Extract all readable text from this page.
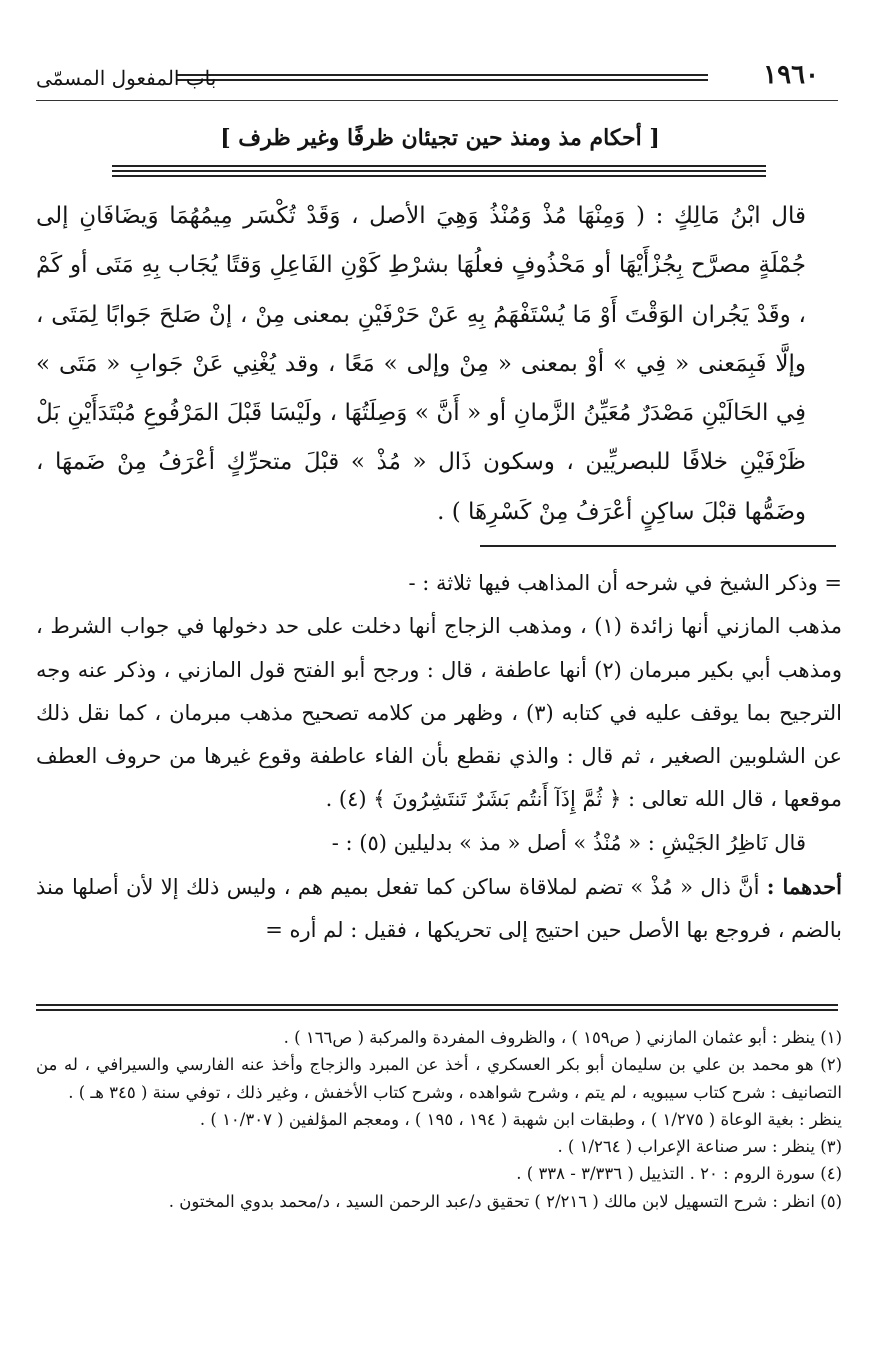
١٩٦٠
باب المفعول المسمّى
[ أحكام مذ ومنذ حين تجيئان ظرفًا وغير ظرف ]

قال ابْنُ مَالِكٍ : ( وَمِنْهَا مُذْ وَمُنْذُ وَهِيَ الأصل ، وَقَدْ تُكْسَر مِيمُهُمَا وَيضَافَانِ إلى جُمْلَةٍ مصرَّح بِجُزْأَيْهَا أو مَحْذُوفٍ فعلُهَا بشرْطِ كَوْنِ الفَاعِلِ وَقتًا يُجَاب بِهِ مَتَى أو كَمْ ، وقَدْ يَجُران الوَقْتَ أَوْ مَا يُسْتَفْهَمُ بِهِ عَنْ حَرْفَيْنِ بمعنى مِنْ ، إنْ صَلحَ جَوابًا لِمَتَى ، وإلَّا فَبِمَعنى « فِي » أوْ بمعنى « مِنْ وإلى » مَعًا ، وقد يُغْنِي عَنْ جَوابِ « مَتَى » فِي الحَالَيْنِ مَصْدَرٌ مُعَيِّنُ الزَّمانِ أو « أَنَّ » وَصِلَتُهَا ، ولَيْسَا قَبْلَ المَرْفُوعِ مُبْتَدَأَيْنِ بَلْ ظَرْفَيْنِ خلافًا للبصريِّين ، وسكون ذَال « مُذْ » قبْلَ متحرِّكٍ أعْرَفُ مِنْ ضَمهَا ، وضَمُّها قبْلَ ساكِنٍ أعْرَفُ مِنْ كَسْرِهَا ) .

= وذكر الشيخ في شرحه أن المذاهب فيها ثلاثة : -

مذهب المازني أنها زائدة (١) ، ومذهب الزجاج أنها دخلت على حد دخولها في جواب الشرط ، ومذهب أبي بكير مبرمان (٢) أنها عاطفة ، قال : ورجح أبو الفتح قول المازني ، وذكر عنه وجه الترجيح بما يوقف عليه في كتابه (٣) ، وظهر من كلامه تصحيح مذهب مبرمان ، كما نقل ذلك عن الشلوبين الصغير ، ثم قال : والذي نقطع بأن الفاء عاطفة وقوع غيرها من حروف العطف موقعها ، قال الله تعالى : ﴿ ثُمَّ إِذَآ أَنتُم بَشَرٌ تَنتَشِرُونَ ﴾ (٤) .

قال نَاظِرُ الجَيْشِ : « مُنْذُ » أصل « مذ » بدليلين (٥) : -

أحدهما : أنَّ ذال « مُذْ » تضم لملاقاة ساكن كما تفعل بميم هم ، وليس ذلك إلا لأن أصلها منذ بالضم ، فروجع بها الأصل حين احتيج إلى تحريكها ، فقيل : لم أره =

(١) ينظر : أبو عثمان المازني ( ص١٥٩ ) ، والظروف المفردة والمركبة ( ص١٦٦ ) .

(٢) هو محمد بن علي بن سليمان أبو بكر العسكري ، أخذ عن المبرد والزجاج وأخذ عنه الفارسي والسيرافي ، له من التصانيف : شرح كتاب سيبويه ، لم يتم ، وشرح شواهده ، وشرح كتاب الأخفش ، وغير ذلك ، توفي سنة ( ٣٤٥ هـ ) .

ينظر : بغية الوعاة ( ١/٢٧٥ ) ، وطبقات ابن شهبة ( ١٩٤ ، ١٩٥ ) ، ومعجم المؤلفين ( ١٠/٣٠٧ ) .

(٣) ينظر : سر صناعة الإعراب ( ١/٢٦٤ ) .

(٤) سورة الروم : ٢٠ . التذييل ( ٣/٣٣٦ - ٣٣٨ ) .

(٥) انظر : شرح التسهيل لابن مالك ( ٢/٢١٦ ) تحقيق د/عبد الرحمن السيد ، د/محمد بدوي المختون .
